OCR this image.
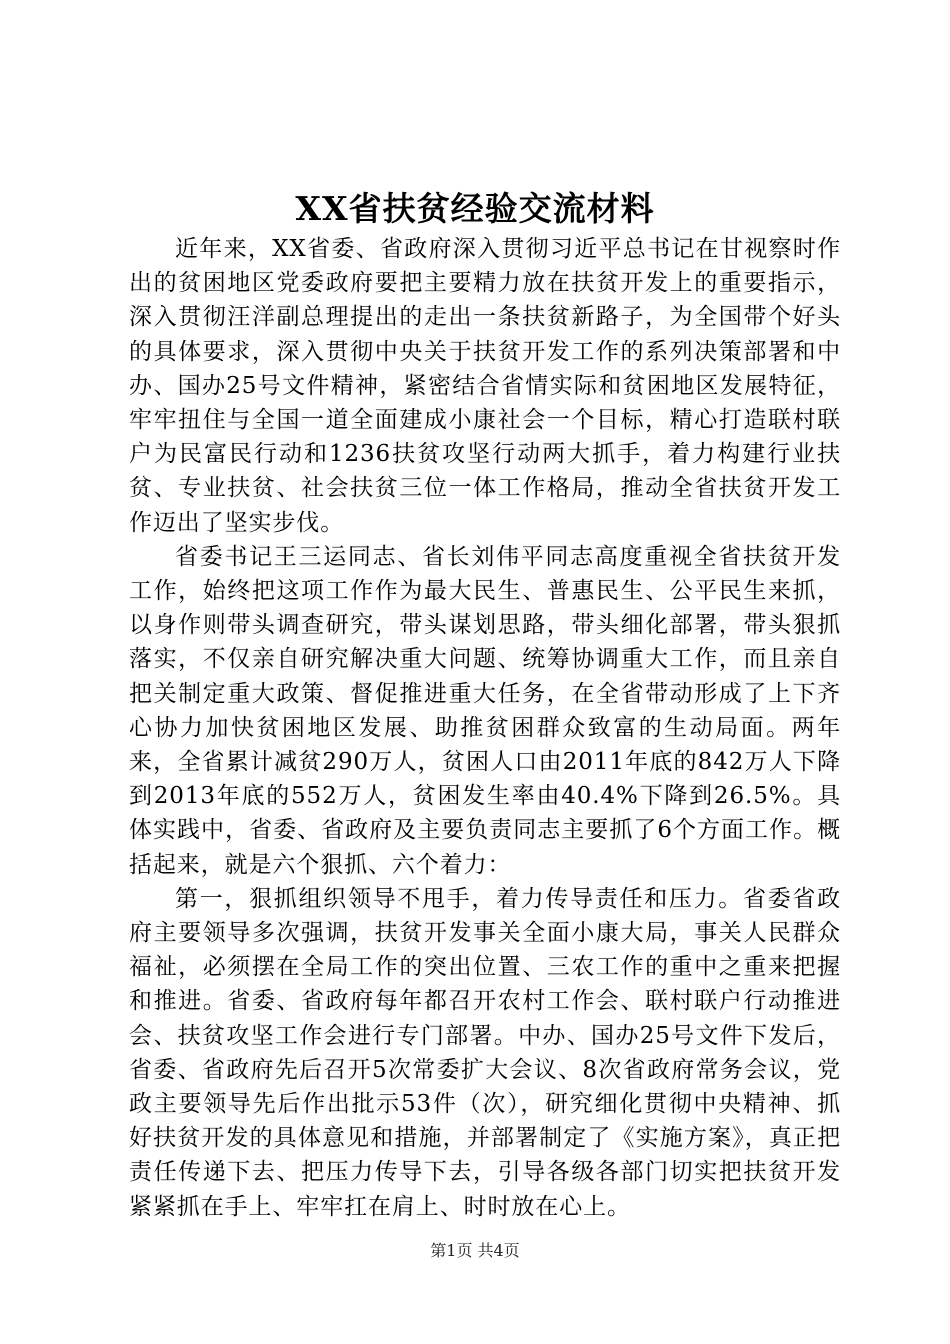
XX省扶贫经验交流材料

近年来，XX省委、省政府深入贯彻习近平总书记在甘视察时作出的贫困地区党委政府要把主要精力放在扶贫开发上的重要指示，深入贯彻汪洋副总理提出的走出一条扶贫新路子，为全国带个好头的具体要求，深入贯彻中央关于扶贫开发工作的系列决策部署和中办、国办25号文件精神，紧密结合省情实际和贫困地区发展特征，牢牢扭住与全国一道全面建成小康社会一个目标，精心打造联村联户为民富民行动和1236扶贫攻坚行动两大抓手，着力构建行业扶贫、专业扶贫、社会扶贫三位一体工作格局，推动全省扶贫开发工作迈出了坚实步伐。

省委书记王三运同志、省长刘伟平同志高度重视全省扶贫开发工作，始终把这项工作作为最大民生、普惠民生、公平民生来抓，以身作则带头调查研究，带头谋划思路，带头细化部署，带头狠抓落实，不仅亲自研究解决重大问题、统筹协调重大工作，而且亲自把关制定重大政策、督促推进重大任务，在全省带动形成了上下齐心协力加快贫困地区发展、助推贫困群众致富的生动局面。两年来，全省累计减贫290万人，贫困人口由2011年底的842万人下降到2013年底的552万人，贫困发生率由40.4%下降到26.5%。具体实践中，省委、省政府及主要负责同志主要抓了6个方面工作。概括起来，就是六个狠抓、六个着力：

第一，狠抓组织领导不甩手，着力传导责任和压力。省委省政府主要领导多次强调，扶贫开发事关全面小康大局，事关人民群众福祉，必须摆在全局工作的突出位置、三农工作的重中之重来把握和推进。省委、省政府每年都召开农村工作会、联村联户行动推进会、扶贫攻坚工作会进行专门部署。中办、国办25号文件下发后，省委、省政府先后召开5次常委扩大会议、8次省政府常务会议，党政主要领导先后作出批示53件（次），研究细化贯彻中央精神、抓好扶贫开发的具体意见和措施，并部署制定了《实施方案》，真正把责任传递下去、把压力传导下去，引导各级各部门切实把扶贫开发紧紧抓在手上、牢牢扛在肩上、时时放在心上。

第1页 共4页
